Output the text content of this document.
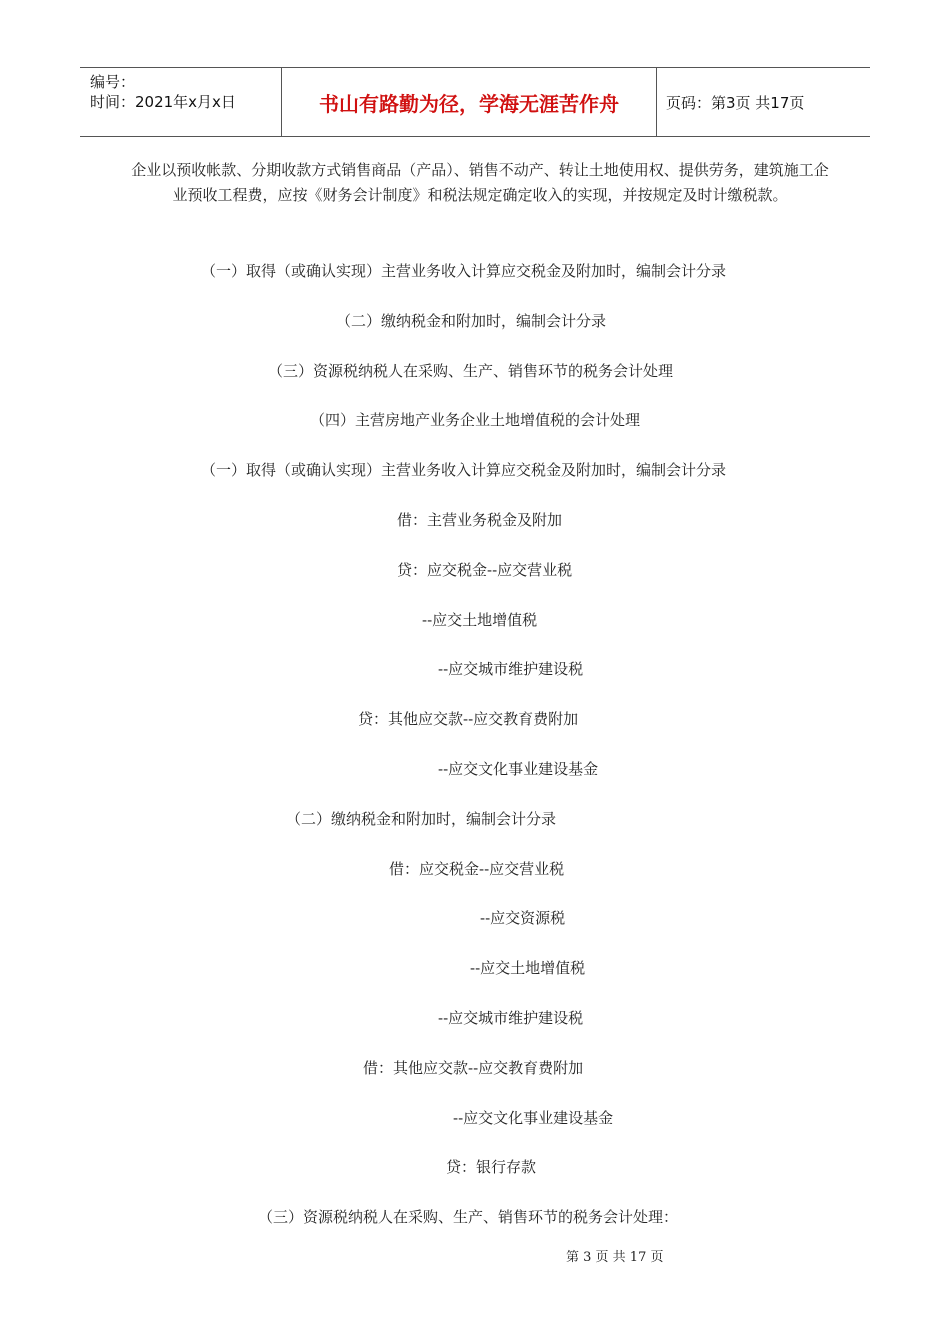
编号：
时间：2021年x月x日	书山有路勤为径，学海无涯苦作舟	页码：第3页 共17页
企业以预收帐款、分期收款方式销售商品（产品）、销售不动产、转让土地使用权、提供劳务，建筑施工企业预收工程费，应按《财务会计制度》和税法规定确定收入的实现，并按规定及时计缴税款。
（一）取得（或确认实现）主营业务收入计算应交税金及附加时，编制会计分录
（二）缴纳税金和附加时，编制会计分录
（三）资源税纳税人在采购、生产、销售环节的税务会计处理
（四）主营房地产业务企业土地增值税的会计处理
（一）取得（或确认实现）主营业务收入计算应交税金及附加时，编制会计分录
借：主营业务税金及附加
贷：应交税金--应交营业税
--应交土地增值税
--应交城市维护建设税
贷：其他应交款--应交教育费附加
--应交文化事业建设基金
（二）缴纳税金和附加时，编制会计分录
借：应交税金--应交营业税
--应交资源税
--应交土地增值税
--应交城市维护建设税
借：其他应交款--应交教育费附加
--应交文化事业建设基金
贷：银行存款
（三）资源税纳税人在采购、生产、销售环节的税务会计处理：
第 3 页 共 17 页
